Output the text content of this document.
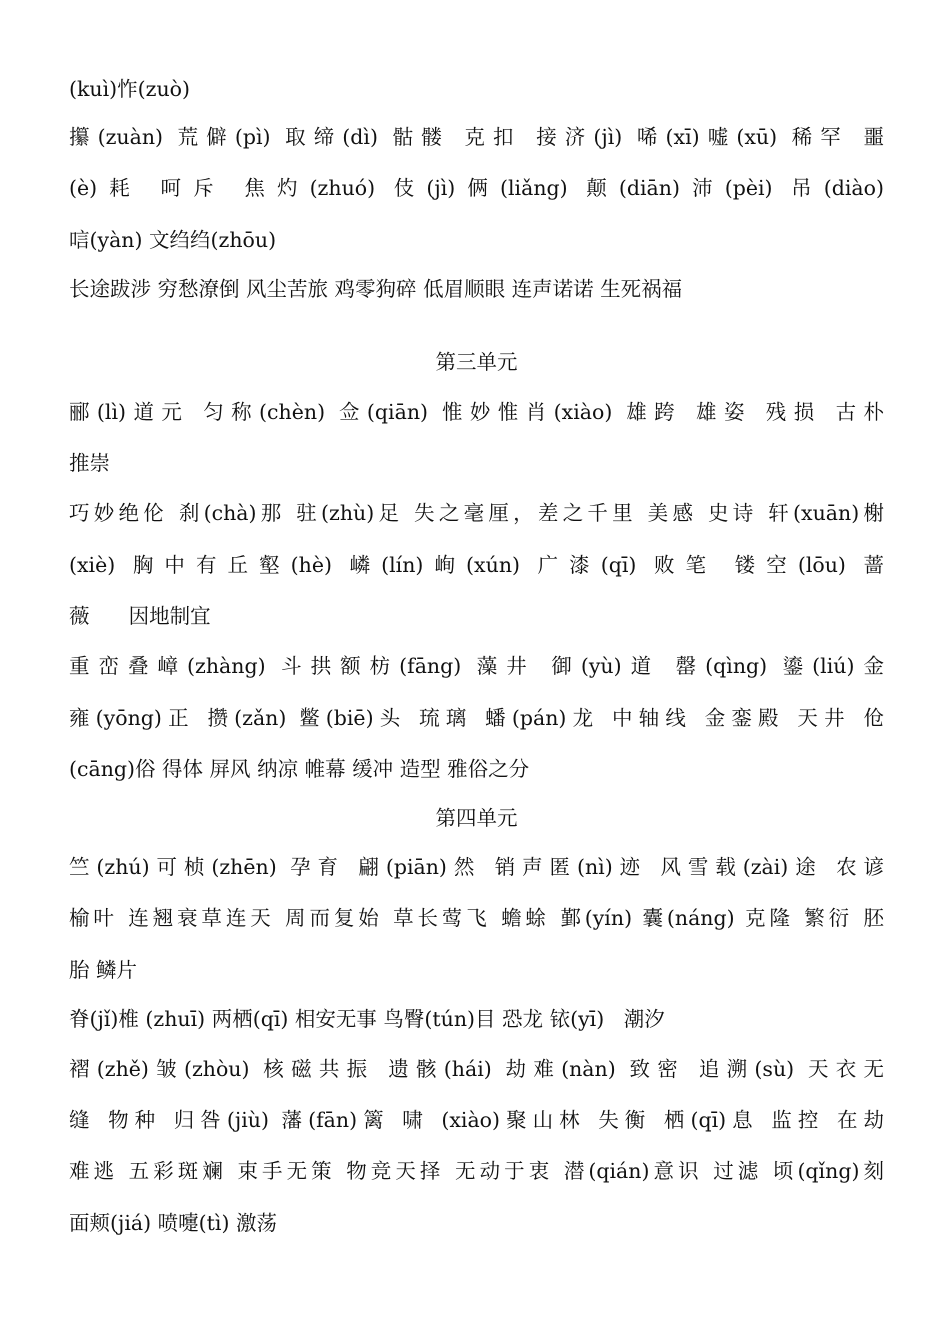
(kuì)怍(zuò)
攥(zuàn) 荒僻(pì) 取缔(dì) 骷髅 克扣 接济(jì) 唏(xī)嘘(xū) 稀罕 噩
(è)耗 呵斥 焦灼(zhuó) 伎(jì)俩(liǎng) 颠(diān)沛(pèi) 吊(diào)
唁(yàn) 文绉绉(zhōu)
长途跋涉 穷愁潦倒 风尘苦旅 鸡零狗碎 低眉顺眼 连声诺诺 生死祸福
第三单元
郦(lì)道元 匀称(chèn) 佥(qiān) 惟妙惟肖(xiào) 雄跨 雄姿 残损 古朴
推崇
巧妙绝伦 刹(chà)那 驻(zhù)足 失之毫厘，差之千里 美感 史诗 轩(xuān)榭
(xiè) 胸中有丘壑(hè) 嶙(lín)峋(xún) 广漆(qī) 败笔 镂空(lōu) 蔷
薇      因地制宜
重峦叠嶂(zhàng) 斗拱额枋(fāng) 藻井 御(yù)道 罄(qìng) 鎏(liú)金
雍(yōng)正 攒(zǎn) 鳖(biē)头 琉璃 蟠(pán)龙 中轴线 金銮殿 天井 伧
(cāng)俗 得体 屏风 纳凉 帷幕 缓冲 造型 雅俗之分
第四单元
竺(zhú)可桢(zhēn) 孕育 翩(piān)然 销声匿(nì)迹 风雪载(zài)途 农谚
榆叶 连翘衰草连天 周而复始 草长莺飞 蟾蜍 鄞(yín) 囊(náng) 克隆 繁衍 胚
胎 鳞片
脊(jǐ)椎 (zhuī) 两栖(qī) 相安无事 鸟臀(tún)目 恐龙 铱(yī)   潮汐
褶(zhě)皱(zhòu) 核磁共振 遗骸(hái) 劫难(nàn) 致密 追溯(sù) 天衣无
缝 物种 归咎(jiù) 藩(fān)篱 啸 (xiào)聚山林 失衡 栖(qī)息 监控 在劫
难逃 五彩斑斓 束手无策 物竞天择 无动于衷 潜(qián)意识 过滤 顷(qǐng)刻
面颊(jiá) 喷嚏(tì) 激荡
